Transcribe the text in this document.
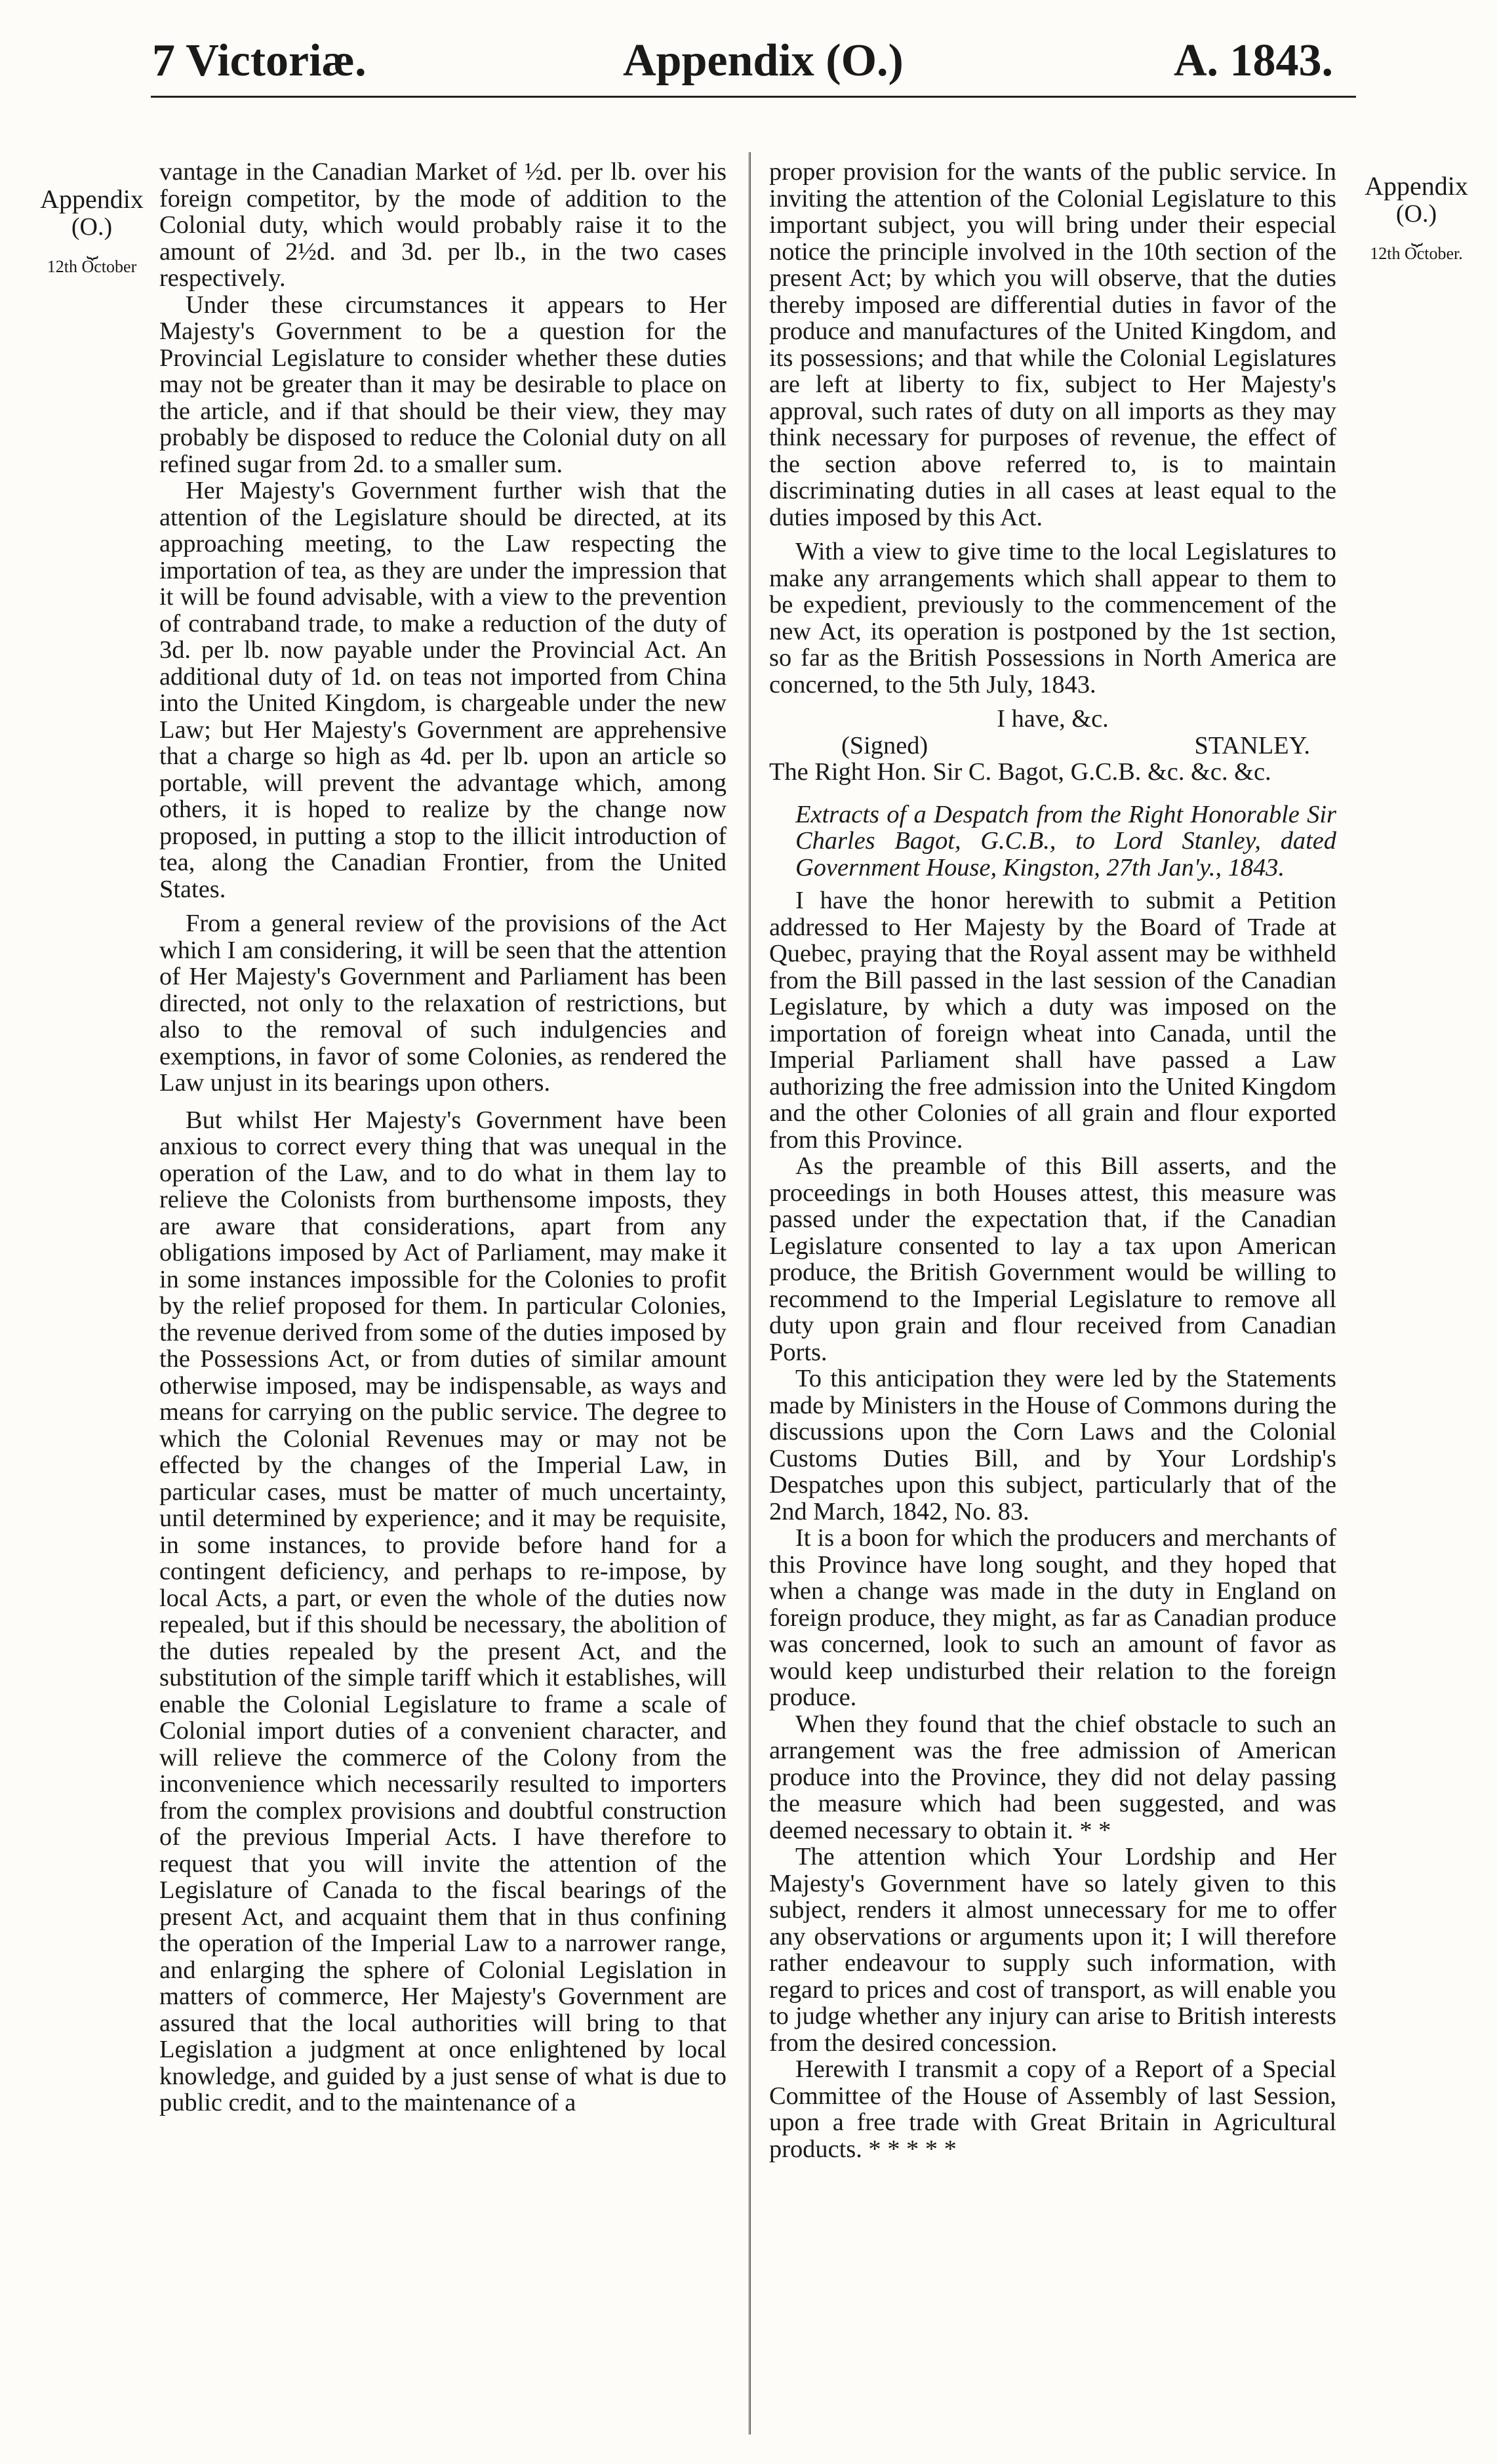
7 Victoriæ.	Appendix (O.)	A. 1843.
Appendix
(O.)
⏟
12th October
Appendix
(O.)
⏟
12th October.

vantage in the Canadian Market of ½d. per lb. over his foreign competitor, by the mode of addition to the Colonial duty, which would probably raise it to the amount of 2½d. and 3d. per lb., in the two cases respectively.

Under these circumstances it appears to Her Majesty's Government to be a question for the Provincial Legislature to consider whether these duties may not be greater than it may be desirable to place on the article, and if that should be their view, they may probably be disposed to reduce the Colonial duty on all refined sugar from 2d. to a smaller sum.

Her Majesty's Government further wish that the attention of the Legislature should be directed, at its approaching meeting, to the Law respecting the importation of tea, as they are under the impression that it will be found advisable, with a view to the prevention of contraband trade, to make a reduction of the duty of 3d. per lb. now payable under the Provincial Act. An additional duty of 1d. on teas not imported from China into the United Kingdom, is chargeable under the new Law; but Her Majesty's Government are apprehensive that a charge so high as 4d. per lb. upon an article so portable, will prevent the advantage which, among others, it is hoped to realize by the change now proposed, in putting a stop to the illicit introduction of tea, along the Canadian Frontier, from the United States.

From a general review of the provisions of the Act which I am considering, it will be seen that the attention of Her Majesty's Government and Parliament has been directed, not only to the relaxation of restrictions, but also to the removal of such indulgencies and exemptions, in favor of some Colonies, as rendered the Law unjust in its bearings upon others.

But whilst Her Majesty's Government have been anxious to correct every thing that was unequal in the operation of the Law, and to do what in them lay to relieve the Colonists from burthensome imposts, they are aware that considerations, apart from any obligations imposed by Act of Parliament, may make it in some instances impossible for the Colonies to profit by the relief proposed for them. In particular Colonies, the revenue derived from some of the duties imposed by the Possessions Act, or from duties of similar amount otherwise imposed, may be indispensable, as ways and means for carrying on the public service. The degree to which the Colonial Revenues may or may not be effected by the changes of the Imperial Law, in particular cases, must be matter of much uncertainty, until determined by experience; and it may be requisite, in some instances, to provide before hand for a contingent deficiency, and perhaps to re-impose, by local Acts, a part, or even the whole of the duties now repealed, but if this should be necessary, the abolition of the duties repealed by the present Act, and the substitution of the simple tariff which it establishes, will enable the Colonial Legislature to frame a scale of Colonial import duties of a convenient character, and will relieve the commerce of the Colony from the inconvenience which necessarily resulted to importers from the complex provisions and doubtful construction of the previous Imperial Acts. I have therefore to request that you will invite the attention of the Legislature of Canada to the fiscal bearings of the present Act, and acquaint them that in thus confining the operation of the Imperial Law to a narrower range, and enlarging the sphere of Colonial Legislation in matters of commerce, Her Majesty's Government are assured that the local authorities will bring to that Legislation a judgment at once enlightened by local knowledge, and guided by a just sense of what is due to public credit, and to the maintenance of a

proper provision for the wants of the public service. In inviting the attention of the Colonial Legislature to this important subject, you will bring under their especial notice the principle involved in the 10th section of the present Act; by which you will observe, that the duties thereby imposed are differential duties in favor of the produce and manufactures of the United Kingdom, and its possessions; and that while the Colonial Legislatures are left at liberty to fix, subject to Her Majesty's approval, such rates of duty on all imports as they may think necessary for purposes of revenue, the effect of the section above referred to, is to maintain discriminating duties in all cases at least equal to the duties imposed by this Act.

With a view to give time to the local Legislatures to make any arrangements which shall appear to them to be expedient, previously to the commencement of the new Act, its operation is postponed by the 1st section, so far as the British Possessions in North America are concerned, to the 5th July, 1843.

I have, &c.

(Signed)	STANLEY.

The Right Hon. Sir C. Bagot, G.C.B. &c. &c. &c.

Extracts of a Despatch from the Right Honorable Sir Charles Bagot, G.C.B., to Lord Stanley, dated Government House, Kingston, 27th Jan'y., 1843.

I have the honor herewith to submit a Petition addressed to Her Majesty by the Board of Trade at Quebec, praying that the Royal assent may be withheld from the Bill passed in the last session of the Canadian Legislature, by which a duty was imposed on the importation of foreign wheat into Canada, until the Imperial Parliament shall have passed a Law authorizing the free admission into the United Kingdom and the other Colonies of all grain and flour exported from this Province.

As the preamble of this Bill asserts, and the proceedings in both Houses attest, this measure was passed under the expectation that, if the Canadian Legislature consented to lay a tax upon American produce, the British Government would be willing to recommend to the Imperial Legislature to remove all duty upon grain and flour received from Canadian Ports.

To this anticipation they were led by the Statements made by Ministers in the House of Commons during the discussions upon the Corn Laws and the Colonial Customs Duties Bill, and by Your Lordship's Despatches upon this subject, particularly that of the 2nd March, 1842, No. 83.

It is a boon for which the producers and merchants of this Province have long sought, and they hoped that when a change was made in the duty in England on foreign produce, they might, as far as Canadian produce was concerned, look to such an amount of favor as would keep undisturbed their relation to the foreign produce.

When they found that the chief obstacle to such an arrangement was the free admission of American produce into the Province, they did not delay passing the measure which had been suggested, and was deemed necessary to obtain it. * *

The attention which Your Lordship and Her Majesty's Government have so lately given to this subject, renders it almost unnecessary for me to offer any observations or arguments upon it; I will therefore rather endeavour to supply such information, with regard to prices and cost of transport, as will enable you to judge whether any injury can arise to British interests from the desired concession.

Herewith I transmit a copy of a Report of a Special Committee of the House of Assembly of last Session, upon a free trade with Great Britain in Agricultural products. * * * * *
